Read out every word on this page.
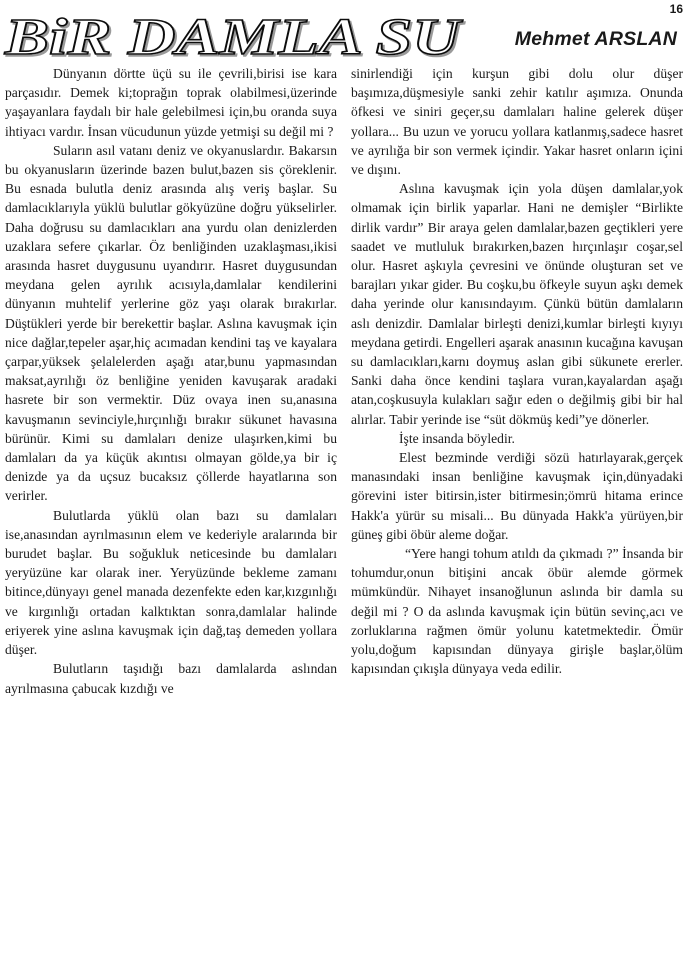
16
BiR DAMLA SU	Mehmet ARSLAN

Dünyanın dörtte üçü su ile çevrili,birisi ise kara parçasıdır. Demek ki;toprağın toprak olabilmesi,üzerinde yaşayanlara faydalı bir hale gelebilmesi için,bu oranda suya ihtiyacı vardır. İnsan vücudunun yüzde yetmişi su değil mi ?

Suların asıl vatanı deniz ve okyanuslardır. Bakarsın bu okyanusların üzerinde bazen bulut,bazen sis çöreklenir. Bu esnada bulutla deniz arasında alış veriş başlar. Su damlacıklarıyla yüklü bulutlar gökyüzüne doğru yükselirler. Daha doğrusu su damlacıkları ana yurdu olan denizlerden uzaklara sefere çıkarlar. Öz benliğinden uzaklaşması,ikisi arasında hasret duygusunu uyandırır. Hasret duygusundan meydana gelen ayrılık acısıyla,damlalar kendilerini dünyanın muhtelif yerlerine göz yaşı olarak bırakırlar. Düştükleri yerde bir berekettir başlar. Aslına kavuşmak için nice dağlar,tepeler aşar,hiç acımadan kendini taş ve kayalara çarpar,yüksek şelalelerden aşağı atar,bunu yapmasından maksat,ayrılığı öz benliğine yeniden kavuşarak aradaki hasrete bir son vermektir. Düz ovaya inen su,anasına kavuşmanın sevinciyle,hırçınlığı bırakır sükunet havasına bürünür. Kimi su damlaları denize ulaşırken,kimi bu damlaları da ya küçük akıntısı olmayan gölde,ya bir iç denizde ya da uçsuz bucaksız çöllerde hayatlarına son verirler.

Bulutlarda yüklü olan bazı su damlaları ise,anasından ayrılmasının elem ve kederiyle aralarında bir burudet başlar. Bu soğukluk neticesinde bu damlaları yeryüzüne kar olarak iner. Yeryüzünde bekleme zamanı bitince,dünyayı genel manada dezenfekte eden kar,kızgınlığı ve kırgınlığı ortadan kalktıktan sonra,damlalar halinde eriyerek yine aslına kavuşmak için dağ,taş demeden yollara düşer.

Bulutların taşıdığı bazı damlalarda aslından ayrılmasına çabucak kızdığı ve

sinirlendiği için kurşun gibi dolu olur düşer başımıza,düşmesiyle sanki zehir katılır aşımıza. Onunda öfkesi ve siniri geçer,su damlaları haline gelerek düşer yollara... Bu uzun ve yorucu yollara katlanmış,sadece hasret ve ayrılığa bir son vermek içindir. Yakar hasret onların içini ve dışını.

Aslına kavuşmak için yola düşen damlalar,yok olmamak için birlik yaparlar. Hani ne demişler “Birlikte dirlik vardır” Bir araya gelen damlalar,bazen geçtikleri yere saadet ve mutluluk bırakırken,bazen hırçınlaşır coşar,sel olur. Hasret aşkıyla çevresini ve önünde oluşturan set ve barajları yıkar gider. Bu coşku,bu öfkeyle suyun aşkı demek daha yerinde olur kanısındayım. Çünkü bütün damlaların aslı denizdir. Damlalar birleşti denizi,kumlar birleşti kıyıyı meydana getirdi. Engelleri aşarak anasının kucağına kavuşan su damlacıkları,karnı doymuş aslan gibi sükunete ererler. Sanki daha önce kendini taşlara vuran,kayalardan aşağı atan,coşkusuyla kulakları sağır eden o değilmiş gibi bir hal alırlar. Tabir yerinde ise “süt dökmüş kedi”ye dönerler.

İşte insanda böyledir.

Elest bezminde verdiği sözü hatırlayarak,gerçek manasındaki insan benliğine kavuşmak için,dünyadaki görevini ister bitirsin,ister bitirmesin;ömrü hitama erince Hakk'a yürür su misali... Bu dünyada Hakk'a yürüyen,bir güneş gibi öbür aleme doğar.

“Yere hangi tohum atıldı da çıkmadı ?” İnsanda bir tohumdur,onun bitişini ancak öbür alemde görmek mümkündür. Nihayet insanoğlunun aslında bir damla su değil mi ? O da aslında kavuşmak için bütün sevinç,acı ve zorluklarına rağmen ömür yolunu katetmektedir. Ömür yolu,doğum kapısından dünyaya girişle başlar,ölüm kapısından çıkışla dünyaya veda edilir.
